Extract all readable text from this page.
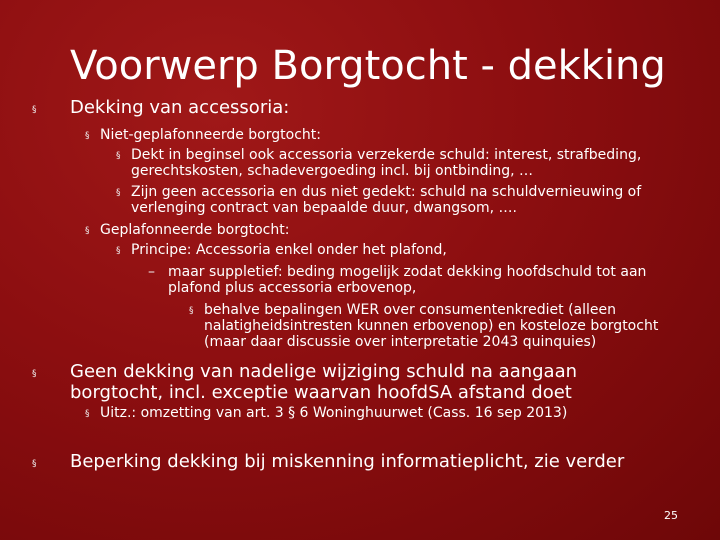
Voorwerp Borgtocht - dekking
§ Dekking van accessoria:
§ Niet-geplafonneerde borgtocht:
§ Dekt in beginsel ook accessoria verzekerde schuld: interest, strafbeding, gerechtskosten, schadevergoeding incl. bij ontbinding, …
§ Zijn geen accessoria en dus niet gedekt: schuld na schuldvernieuwing of verlenging contract van bepaalde duur, dwangsom, ….
§ Geplafonneerde borgtocht:
§ Principe: Accessoria enkel onder het plafond,
– maar suppletief: beding mogelijk zodat dekking hoofdschuld tot aan plafond plus accessoria erbovenop,
§ behalve bepalingen WER over consumentenkrediet (alleen nalatigheidsintresten kunnen erbovenop) en kosteloze borgtocht (maar daar discussie over interpretatie 2043 quinquies)
§ Geen dekking van nadelige wijziging schuld na aangaan borgtocht, incl. exceptie waarvan hoofdSA afstand doet
§ Uitz.: omzetting van art. 3 § 6 Woninghuurwet (Cass. 16 sep 2013)
§ Beperking dekking bij miskenning informatieplicht, zie verder
25
